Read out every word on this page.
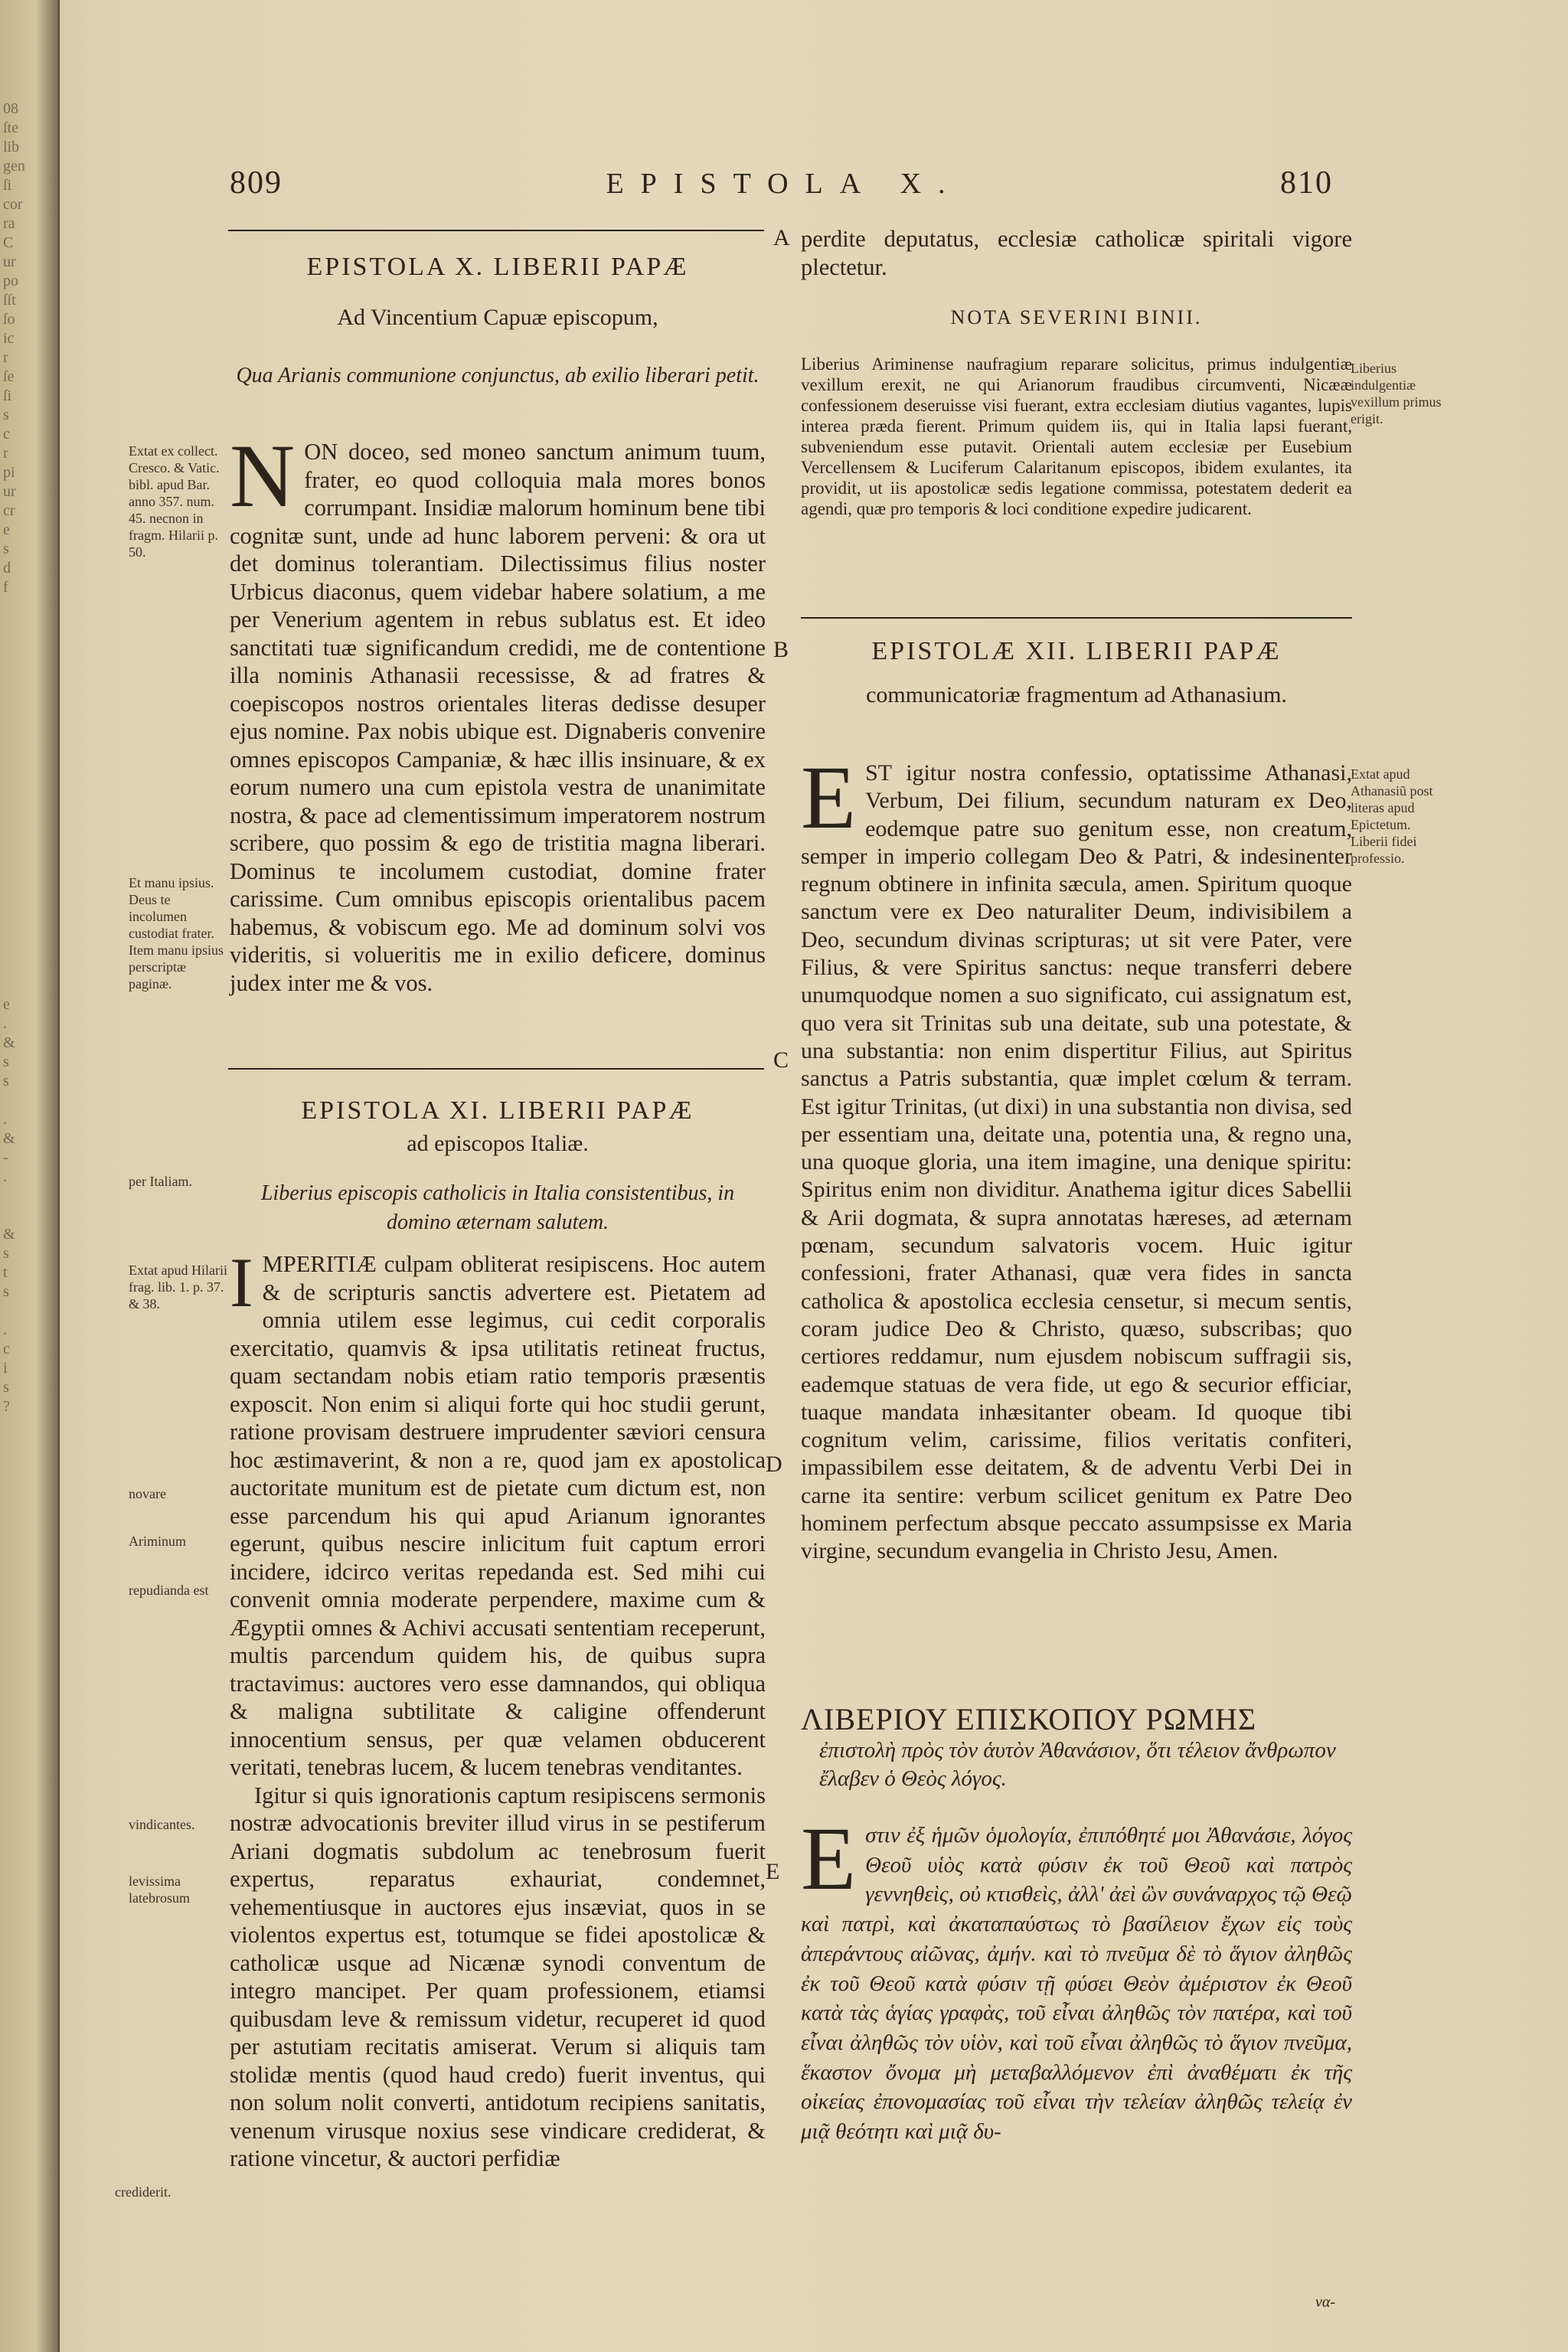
08
ſte
lib
gen
ſi
cor
ra
C
ur
po
ſſt
ſo
ic
r
ſe
ſi
s
c
r
pi
ur
cr
e
s
d
f
e
.
&
s
s

.
&
-
.

&
s
t
s

.
c
i
s
?
809	EPISTOLA X.	810
A
B
C
D
E
EPISTOLA X. LIBERII PAPÆ
Ad Vincentium Capuæ episcopum,
Qua Arianis communione conjunctus, ab exilio liberari petit.

NON doceo, sed moneo sanctum animum tuum, frater, eo quod colloquia mala mores bonos corrumpant. Insidiæ malorum hominum bene tibi cognitæ sunt, unde ad hunc laborem perveni: & ora ut det dominus tolerantiam. Dilectissimus filius noster Urbicus diaconus, quem videbar habere solatium, a me per Venerium agentem in rebus sublatus est. Et ideo sanctitati tuæ significandum credidi, me de contentione illa nominis Athanasii recessisse, & ad fratres & coepiscopos nostros orientales literas dedisse desuper ejus nomine. Pax nobis ubique est. Dignaberis convenire omnes episcopos Campaniæ, & hæc illis insinuare, & ex eorum numero una cum epistola vestra de unanimitate nostra, & pace ad clementissimum imperatorem nostrum scribere, quo possim & ego de tristitia magna liberari. Dominus te incolumem custodiat, domine frater carissime. Cum omnibus episcopis orientalibus pacem habemus, & vobiscum ego. Me ad dominum solvi vos videritis, si volueritis me in exilio deficere, dominus judex inter me & vos.

EPISTOLA XI. LIBERII PAPÆ
ad episcopos Italiæ.
Liberius episcopis catholicis in Italia consistentibus, in domino æternam salutem.

IMPERITIÆ culpam obliterat resipiscens. Hoc autem & de scripturis sanctis advertere est. Pietatem ad omnia utilem esse legimus, cui cedit corporalis exercitatio, quamvis & ipsa utilitatis retineat fructus, quam sectandam nobis etiam ratio temporis præsentis exposcit. Non enim si aliqui forte qui hoc studii gerunt, ratione provisam destruere imprudenter sæviori censura hoc æstimaverint, & non a re, quod jam ex apostolica auctoritate munitum est de pietate cum dictum est, non esse parcendum his qui apud Arianum ignorantes egerunt, quibus nescire inlicitum fuit captum errori incidere, idcirco veritas repedanda est. Sed mihi cui convenit omnia moderate perpendere, maxime cum & Ægyptii omnes & Achivi accusati sententiam receperunt, multis parcendum quidem his, de quibus supra tractavimus: auctores vero esse damnandos, qui obliqua & maligna subtilitate & caligine offenderunt innocentium sensus, per quæ velamen obducerent veritati, tenebras lucem, & lucem tenebras venditantes.

Igitur si quis ignorationis captum resipiscens sermonis nostræ advocationis breviter illud virus in se pestiferum Ariani dogmatis subdolum ac tenebrosum fuerit expertus, reparatus exhauriat, condemnet, vehementiusque in auctores ejus insæviat, quos in se violentos expertus est, totumque se fidei apostolicæ & catholicæ usque ad Nicænæ synodi conventum de integro mancipet. Per quam professionem, etiamsi quibusdam leve & remissum videtur, recuperet id quod per astutiam recitatis amiserat. Verum si aliquis tam stolidæ mentis (quod haud credo) fuerit inventus, qui non solum nolit converti, antidotum recipiens sanitatis, venenum virusque noxius sese vindicare crediderat, & ratione vincetur, & auctori perfidiæ

Extat ex collect. Cresco. & Vatic. bibl. apud Bar. anno 357. num. 45. necnon in fragm. Hilarii p. 50.
Et manu ipsius. Deus te incolumen custodiat frater. Item manu ipsius perscriptæ paginæ.
per Italiam.
Extat apud Hilarii frag. lib. 1. p. 37. & 38.
novare
Ariminum
repudianda est
vindicantes.
levissima latebrosum
crediderit.
perdite deputatus, ecclesiæ catholicæ spiritali vigore plectetur.
NOTA SEVERINI BINII.
Liberius Ariminense naufragium reparare solicitus, primus indulgentiæ vexillum erexit, ne qui Arianorum fraudibus circumventi, Nicææ confessionem deseruisse visi fuerant, extra ecclesiam diutius vagantes, lupis interea præda fierent. Primum quidem iis, qui in Italia lapsi fuerant, subveniendum esse putavit. Orientali autem ecclesiæ per Eusebium Vercellensem & Luciferum Calaritanum episcopos, ibidem exulantes, ita providit, ut iis apostolicæ sedis legatione commissa, potestatem dederit ea agendi, quæ pro temporis & loci conditione expedire judicarent.
Liberius indulgentiæ vexillum primus erigit.
EPISTOLÆ XII. LIBERII PAPÆ
communicatoriæ fragmentum ad Athanasium.

EST igitur nostra confessio, optatissime Athanasi, Verbum, Dei filium, secundum naturam ex Deo, eodemque patre suo genitum esse, non creatum, semper in imperio collegam Deo & Patri, & indesinenter regnum obtinere in infinita sæcula, amen. Spiritum quoque sanctum vere ex Deo naturaliter Deum, indivisibilem a Deo, secundum divinas scripturas; ut sit vere Pater, vere Filius, & vere Spiritus sanctus: neque transferri debere unumquodque nomen a suo significato, cui assignatum est, quo vera sit Trinitas sub una deitate, sub una potestate, & una substantia: non enim dispertitur Filius, aut Spiritus sanctus a Patris substantia, quæ implet cœlum & terram. Est igitur Trinitas, (ut dixi) in una substantia non divisa, sed per essentiam una, deitate una, potentia una, & regno una, una quoque gloria, una item imagine, una denique spiritu: Spiritus enim non dividitur. Anathema igitur dices Sabellii & Arii dogmata, & supra annotatas hæreses, ad æternam pœnam, secundum salvatoris vocem. Huic igitur confessioni, frater Athanasi, quæ vera fides in sancta catholica & apostolica ecclesia censetur, si mecum sentis, coram judice Deo & Christo, quæso, subscribas; quo certiores reddamur, num ejusdem nobiscum suffragii sis, eademque statuas de vera fide, ut ego & securior efficiar, tuaque mandata inhæsitanter obeam. Id quoque tibi cognitum velim, carissime, filios veritatis confiteri, impassibilem esse deitatem, & de adventu Verbi Dei in carne ita sentire: verbum scilicet genitum ex Patre Deo hominem perfectum absque peccato assumpsisse ex Maria virgine, secundum evangelia in Christo Jesu, Amen.

Extat apud Athanasiũ post literas apud Epictetum. Liberii fidei professio.
ΛΙΒΕΡΙΟΥ ΕΠΙΣΚΟΠΟΥ ΡΩΜΗΣ
ἐπιστολὴ πρὸς τὸν ἁυτὸν Ἀθανάσιον, ὅτι τέλειον ἄνθρωπον ἔλαβεν ὁ Θεὸς λόγος.
Εστιν ἐξ ἡμῶν ὁμολογία, ἐπιπόθητέ μοι Ἀθανάσιε, λόγος Θεοῦ υἱὸς κατὰ φύσιν ἐκ τοῦ Θεοῦ καὶ πατρὸς γεννηθεὶς, οὐ κτισθεὶς, ἀλλ' ἀεὶ ὢν συνάναρχος τῷ Θεῷ καὶ πατρὶ, καὶ ἀκαταπαύστως τὸ βασίλειον ἔχων εἰς τοὺς ἀπεράντους αἰῶνας, ἀμήν. καὶ τὸ πνεῦμα δὲ τὸ ἅγιον ἀληθῶς ἐκ τοῦ Θεοῦ κατὰ φύσιν τῇ φύσει Θεὸν ἀμέριστον ἐκ Θεοῦ κατὰ τὰς ἁγίας γραφὰς, τοῦ εἶναι ἀληθῶς τὸν πατέρα, καὶ τοῦ εἶναι ἀληθῶς τὸν υἱὸν, καὶ τοῦ εἶναι ἀληθῶς τὸ ἅγιον πνεῦμα, ἕκαστον ὄνομα μὴ μεταβαλλόμενον ἐπὶ ἀναθέματι ἐκ τῆς οἰκείας ἐπονομασίας τοῦ εἶναι τὴν τελείαν ἀληθῶς τελείᾳ ἐν μιᾷ θεότητι καὶ μιᾷ δυ-
να-
